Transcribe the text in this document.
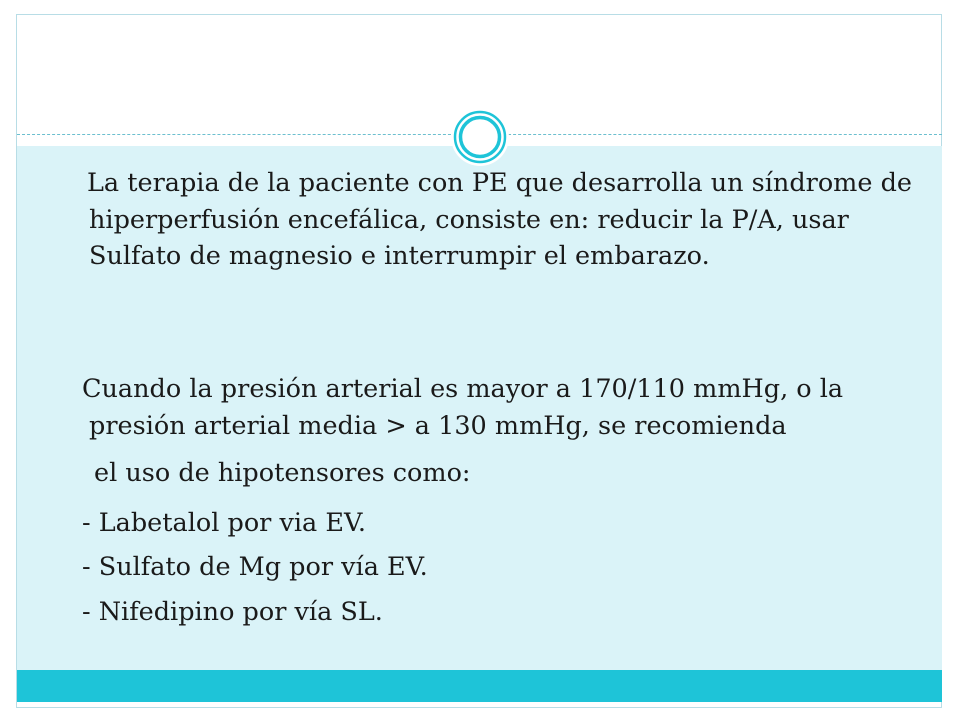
La terapia de la paciente con PE que desarrolla un síndrome de hiperperfusión encefálica, consiste en: reducir la P/A, usar Sulfato de magnesio e interrumpir el embarazo.

Cuando la presión arterial es mayor a 170/110 mmHg, o la presión arterial media > a 130 mmHg, se recomienda

el uso de hipotensores como:

- Labetalol por via EV.

- Sulfato de Mg por vía EV.

- Nifedipino por vía SL.
